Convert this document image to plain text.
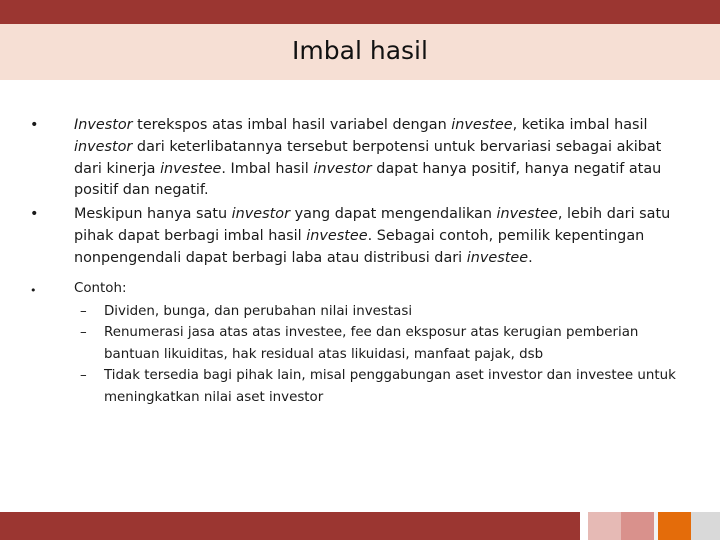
Imbal hasil
•	Investor terekspos atas imbal hasil variabel dengan investee, ketika imbal hasil investor dari keterlibatannya tersebut berpotensi untuk bervariasi sebagai akibat dari kinerja investee. Imbal hasil investor dapat hanya positif, hanya negatif atau positif dan negatif.
•	Meskipun hanya satu investor yang dapat mengendalikan investee, lebih dari satu pihak dapat berbagi imbal hasil investee. Sebagai contoh, pemilik kepentingan nonpengendali dapat berbagi laba atau distribusi dari investee.
•	Contoh:
– Dividen, bunga, dan perubahan nilai investasi
– Renumerasi jasa atas atas investee, fee dan eksposur atas kerugian pemberian bantuan likuiditas, hak residual atas likuidasi, manfaat pajak, dsb
– Tidak tersedia bagi pihak lain, misal penggabungan aset investor dan investee untuk meningkatkan nilai aset investor
